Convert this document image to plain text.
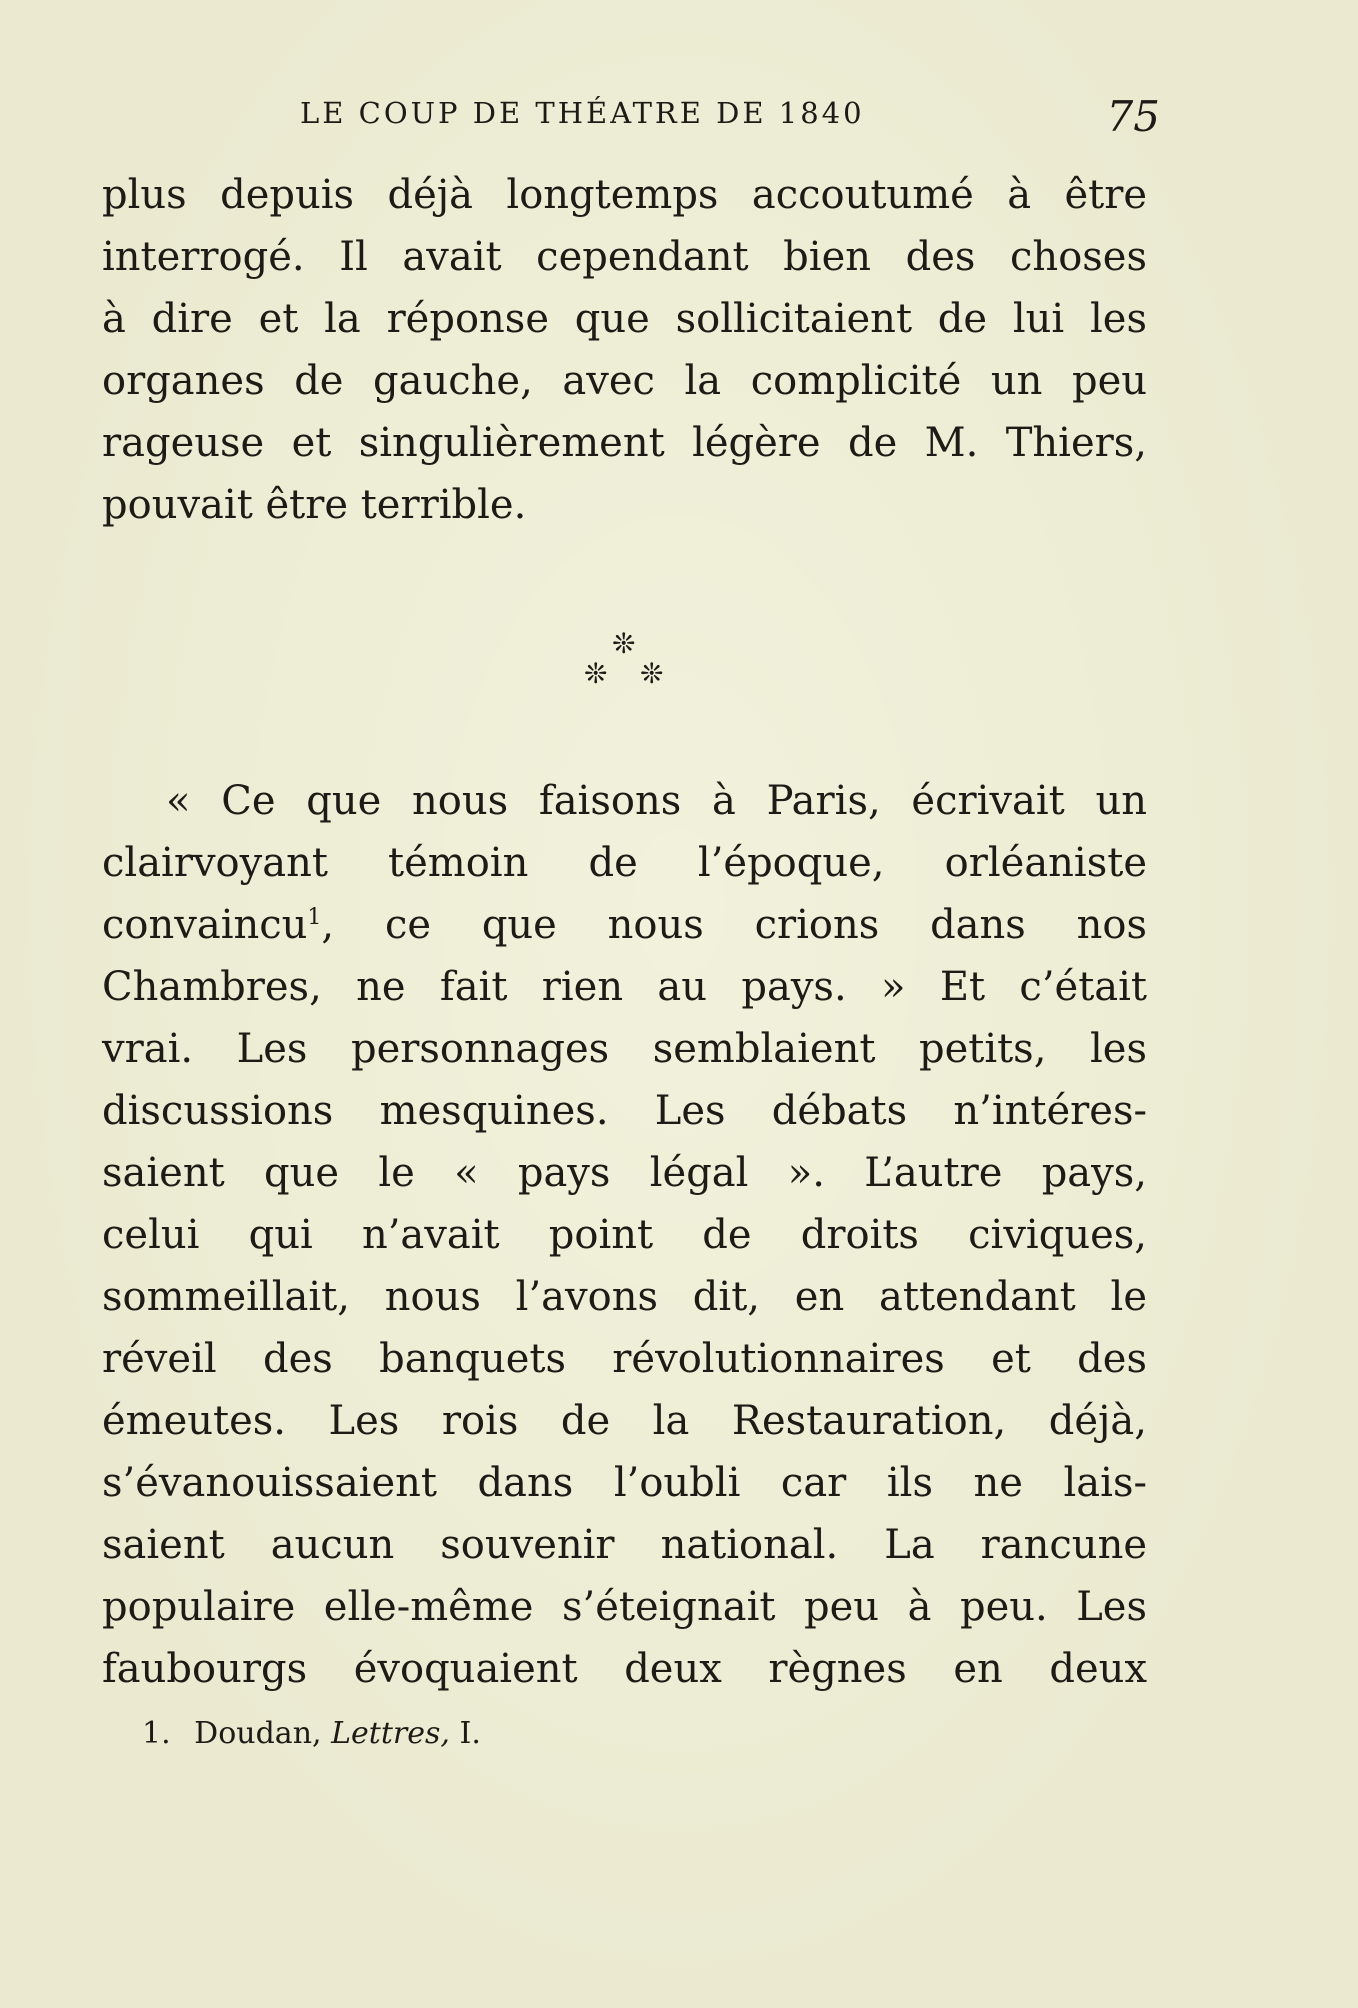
LE COUP DE THÉATRE DE 1840	75

plus depuis déjà longtemps accoutumé à être
interrogé. Il avait cependant bien des choses
à dire et la réponse que sollicitaient de lui les
organes de gauche, avec la complicité un peu
rageuse et singulièrement légère de M. Thiers,
pouvait être terrible.

❊
❊ ❊

« Ce que nous faisons à Paris, écrivait un
clairvoyant témoin de l’époque, orléaniste
convaincu$^1$, ce que nous crions dans nos
Chambres, ne fait rien au pays. » Et c’était
vrai. Les personnages semblaient petits, les
discussions mesquines. Les débats n’intéres-
saient que le « pays légal ». L’autre pays,
celui qui n’avait point de droits civiques,
sommeillait, nous l’avons dit, en attendant le
réveil des banquets révolutionnaires et des
émeutes. Les rois de la Restauration, déjà,
s’évanouissaient dans l’oubli car ils ne lais-
saient aucun souvenir national. La rancune
populaire elle-même s’éteignait peu à peu. Les
faubourgs évoquaient deux règnes en deux

1. Doudan, Lettres, I.
